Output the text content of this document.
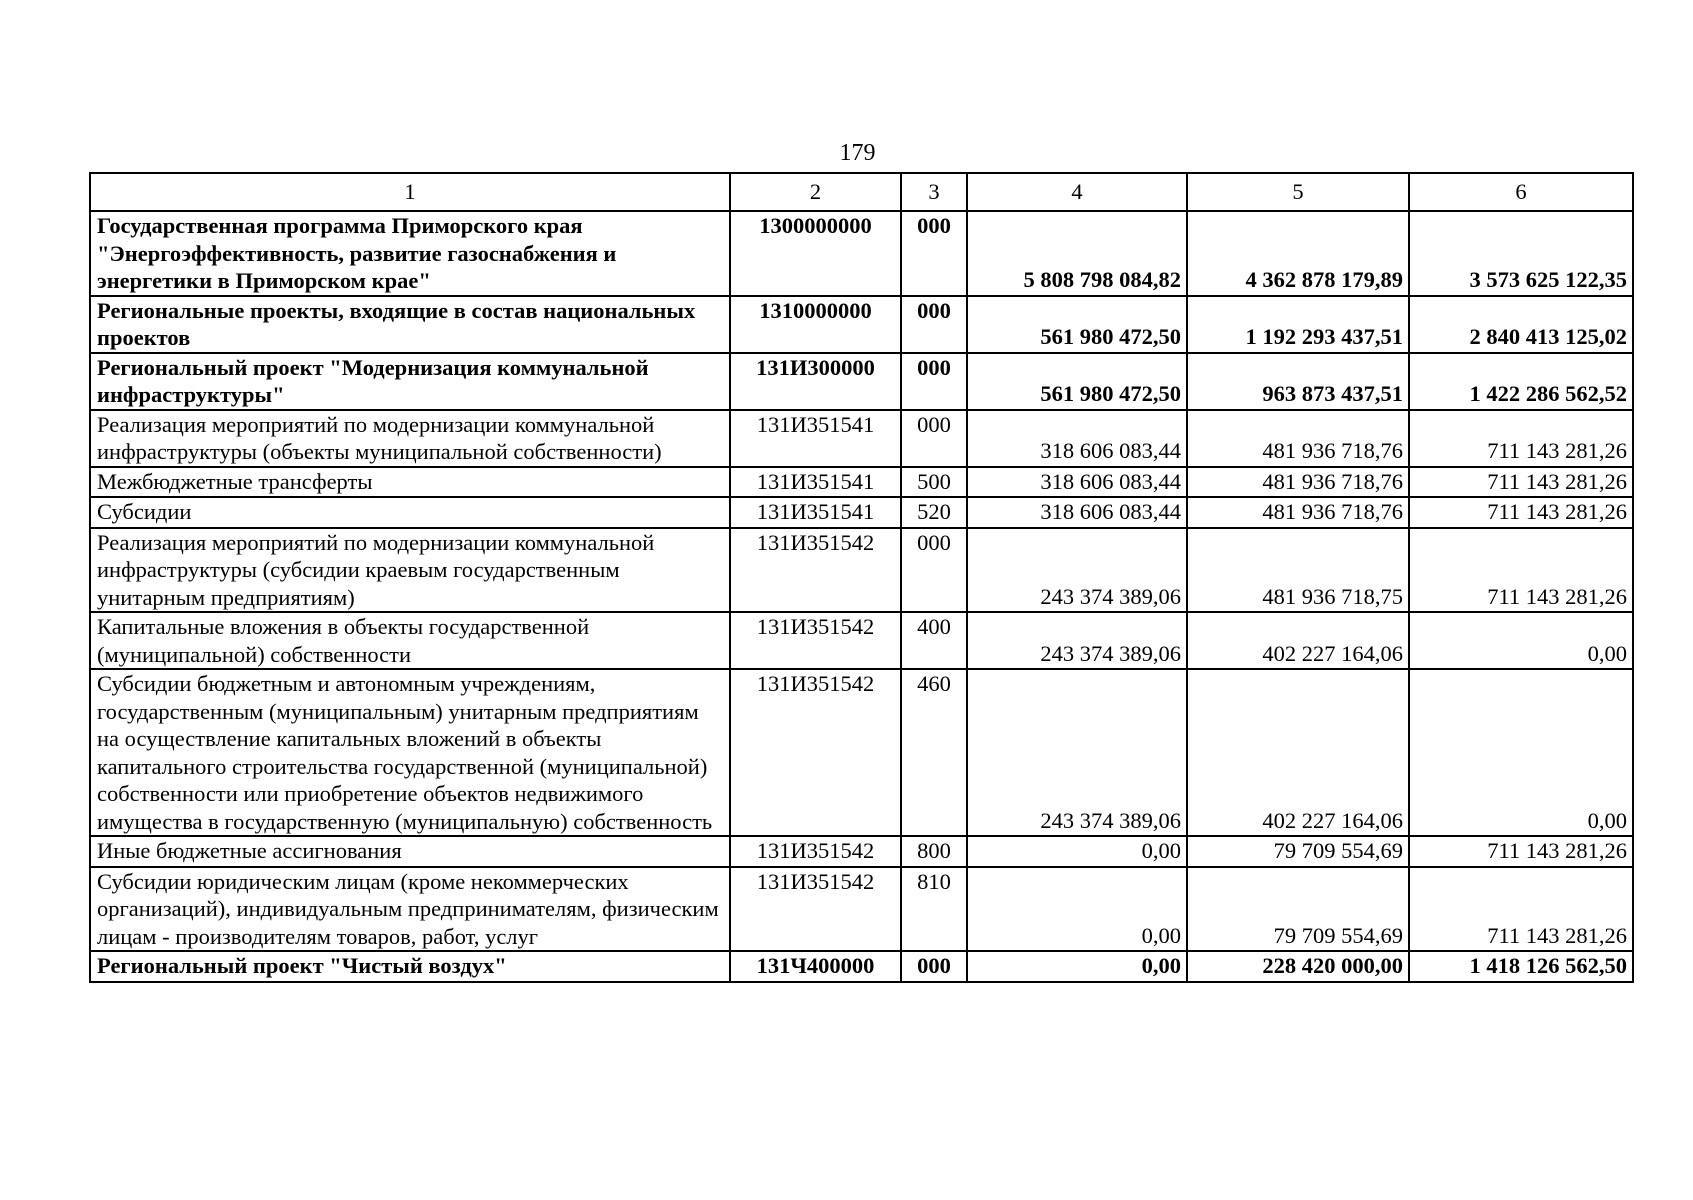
179
1	2	3	4	5	6
Государственная программа Приморского края "Энергоэффективность, развитие газоснабжения и энергетики в Приморском крае"	1300000000	000	5 808 798 084,82	4 362 878 179,89	3 573 625 122,35
Региональные проекты, входящие в состав национальных проектов	1310000000	000	561 980 472,50	1 192 293 437,51	2 840 413 125,02
Региональный проект "Модернизация коммунальной инфраструктуры"	131И300000	000	561 980 472,50	963 873 437,51	1 422 286 562,52
Реализация мероприятий по модернизации коммунальной инфраструктуры (объекты муниципальной собственности)	131И351541	000	318 606 083,44	481 936 718,76	711 143 281,26
Межбюджетные трансферты	131И351541	500	318 606 083,44	481 936 718,76	711 143 281,26
Субсидии	131И351541	520	318 606 083,44	481 936 718,76	711 143 281,26
Реализация мероприятий по модернизации коммунальной инфраструктуры (субсидии краевым государственным унитарным предприятиям)	131И351542	000	243 374 389,06	481 936 718,75	711 143 281,26
Капитальные вложения в объекты государственной (муниципальной) собственности	131И351542	400	243 374 389,06	402 227 164,06	0,00
Субсидии бюджетным и автономным учреждениям, государственным (муниципальным) унитарным предприятиям на осуществление капитальных вложений в объекты капитального строительства государственной (муниципальной) собственности или приобретение объектов недвижимого имущества в государственную (муниципальную) собственность	131И351542	460	243 374 389,06	402 227 164,06	0,00
Иные бюджетные ассигнования	131И351542	800	0,00	79 709 554,69	711 143 281,26
Субсидии юридическим лицам (кроме некоммерческих организаций), индивидуальным предпринимателям, физическим лицам - производителям товаров, работ, услуг	131И351542	810	0,00	79 709 554,69	711 143 281,26
Региональный проект "Чистый воздух"	131Ч400000	000	0,00	228 420 000,00	1 418 126 562,50
